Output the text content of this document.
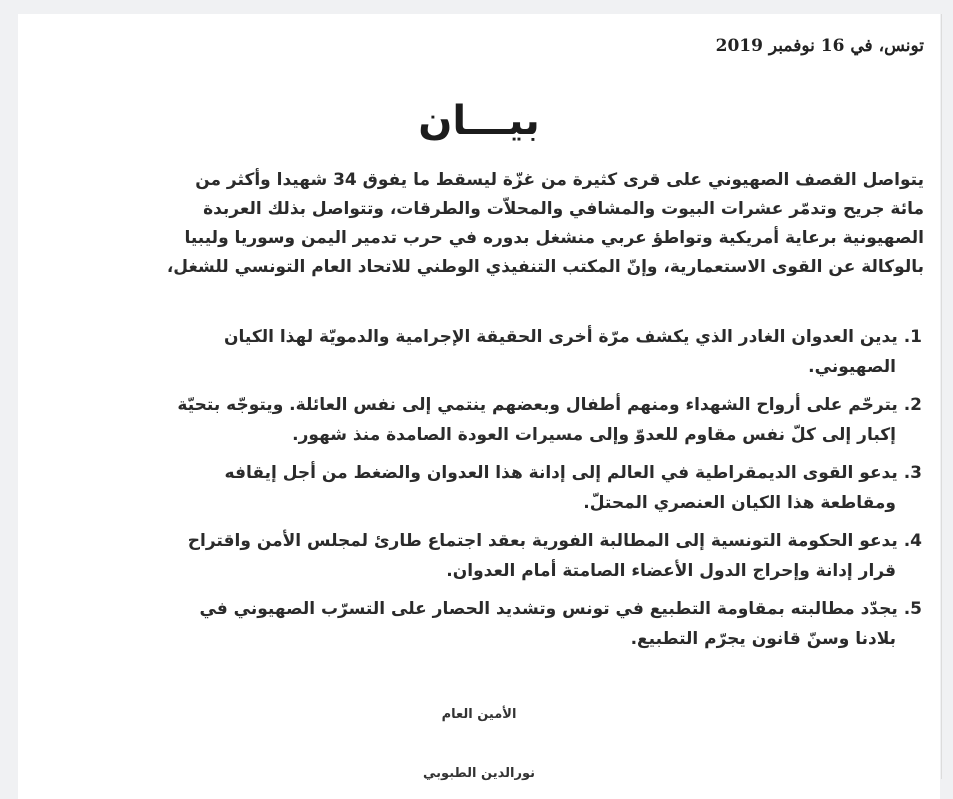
تونس، في 16 نوفمبر 2019
بيـــان
يتواصل القصف الصهيوني على قرى كثيرة من غزّة ليسقط ما يفوق 34 شهيدا وأكثر من
مائة جريح وتدمّر عشرات البيوت والمشافي والمحلاّت والطرقات، وتتواصل بذلك العربدة
الصهيونية برعاية أمريكية وتواطؤ عربي منشغل بدوره في حرب تدمير اليمن وسوريا وليبيا
بالوكالة عن القوى الاستعمارية، وإنّ المكتب التنفيذي الوطني للاتحاد العام التونسي للشغل،
1. يدين العدوان الغادر الذي يكشف مرّة أخرى الحقيقة الإجرامية والدمويّة لهذا الكيان
الصهيوني.
2. يترحّم على أرواح الشهداء ومنهم أطفال وبعضهم ينتمي إلى نفس العائلة. ويتوجّه بتحيّة
إكبار إلى كلّ نفس مقاوم للعدوّ وإلى مسيرات العودة الصامدة منذ شهور.
3. يدعو القوى الديمقراطية في العالم إلى إدانة هذا العدوان والضغط من أجل إيقافه
ومقاطعة هذا الكيان العنصري المحتلّ.
4. يدعو الحكومة التونسية إلى المطالبة الفورية بعقد اجتماع طارئ لمجلس الأمن واقتراح
قرار إدانة وإحراج الدول الأعضاء الصامتة أمام العدوان.
5. يجدّد مطالبته بمقاومة التطبيع في تونس وتشديد الحصار على التسرّب الصهيوني في
بلادنا وسنّ قانون يجرّم التطبيع.
الأمين العام
نورالدين الطبوبي
